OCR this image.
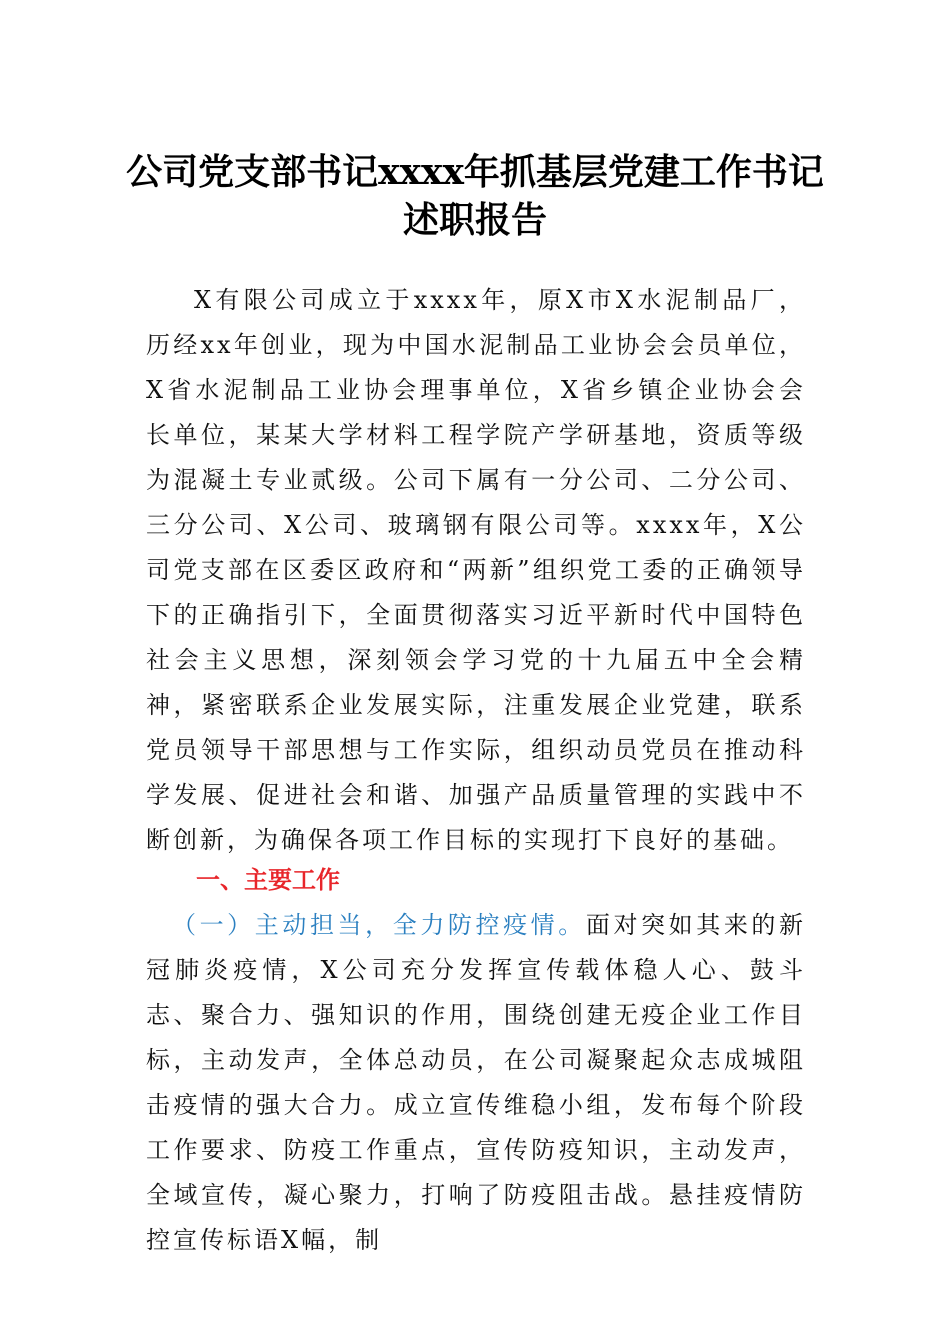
公司党支部书记xxxx年抓基层党建工作书记述职报告

X有限公司成立于xxxx年，原X市X水泥制品厂，历经xx年创业，现为中国水泥制品工业协会会员单位，X省水泥制品工业协会理事单位，X省乡镇企业协会会长单位，某某大学材料工程学院产学研基地，资质等级为混凝土专业贰级。公司下属有一分公司、二分公司、三分公司、X公司、玻璃钢有限公司等。xxxx年，X公司党支部在区委区政府和“两新”组织党工委的正确领导下的正确指引下，全面贯彻落实习近平新时代中国特色社会主义思想，深刻领会学习党的十九届五中全会精神，紧密联系企业发展实际，注重发展企业党建，联系党员领导干部思想与工作实际，组织动员党员在推动科学发展、促进社会和谐、加强产品质量管理的实践中不断创新，为确保各项工作目标的实现打下良好的基础。

一、主要工作

（一）主动担当，全力防控疫情。面对突如其来的新冠肺炎疫情，X公司充分发挥宣传载体稳人心、鼓斗志、聚合力、强知识的作用，围绕创建无疫企业工作目标，主动发声，全体总动员，在公司凝聚起众志成城阻击疫情的强大合力。成立宣传维稳小组，发布每个阶段工作要求、防疫工作重点，宣传防疫知识，主动发声，全域宣传，凝心聚力，打响了防疫阻击战。悬挂疫情防控宣传标语X幅，制
